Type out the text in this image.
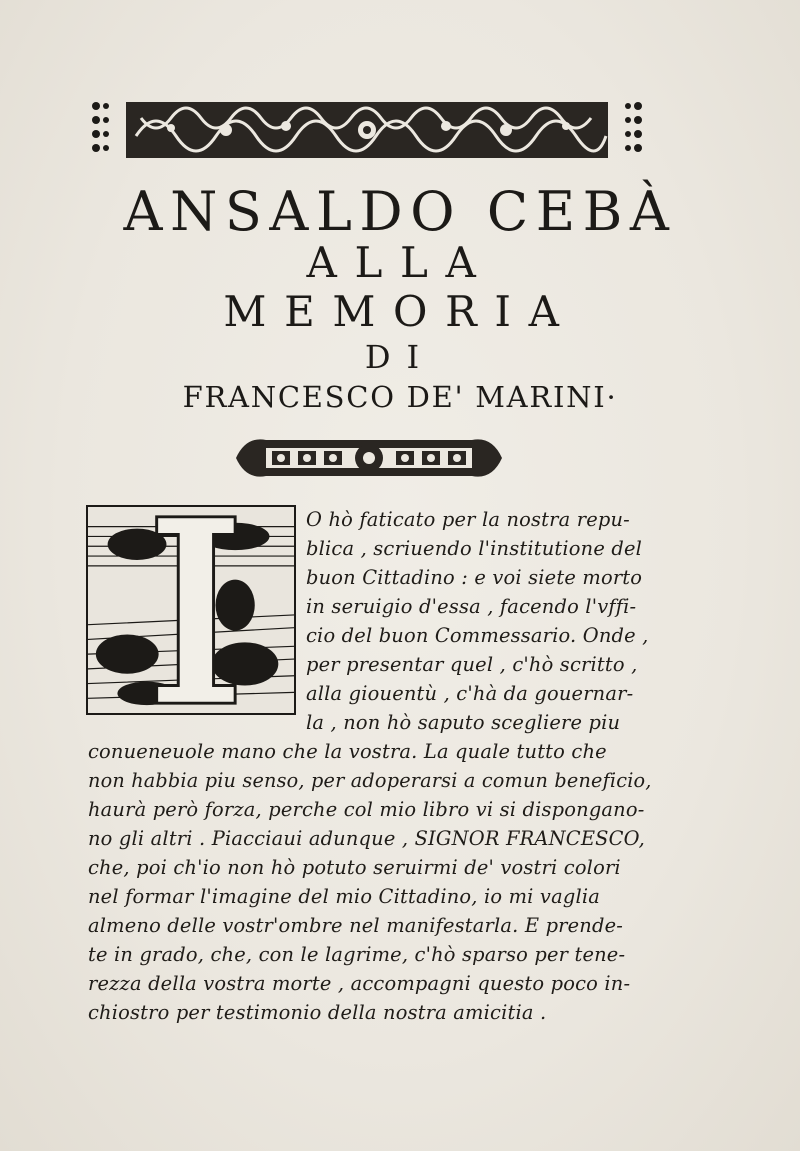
ANSALDO CEBÀ
ALLA
MEMORIA
DI
FRANCESCO DE' MARINI·

O hò faticato per la nostra repu-

blica , scriuendo l'institutione del

buon Cittadino : e voi siete morto

in seruigio d'essa , facendo l'vffi-

cio del buon Commessario. Onde ,

per presentar quel , c'hò scritto ,

alla giouentù , c'hà da gouernar-

la , non hò saputo scegliere piu

conueneuole mano che la vostra. La quale tutto che

non habbia piu senso, per adoperarsi a comun beneficio,

haurà però forza, perche col mio libro vi si dispongano-

no gli altri . Piacciaui adunque , SIGNOR FRANCESCO,

che, poi ch'io non hò potuto seruirmi de' vostri colori

nel formar l'imagine del mio Cittadino, io mi vaglia

almeno delle vostr'ombre nel manifestarla. E prende-

te in grado, che, con le lagrime, c'hò sparso per tene-

rezza della vostra morte , accompagni questo poco in-

chiostro per testimonio della nostra amicitia .
